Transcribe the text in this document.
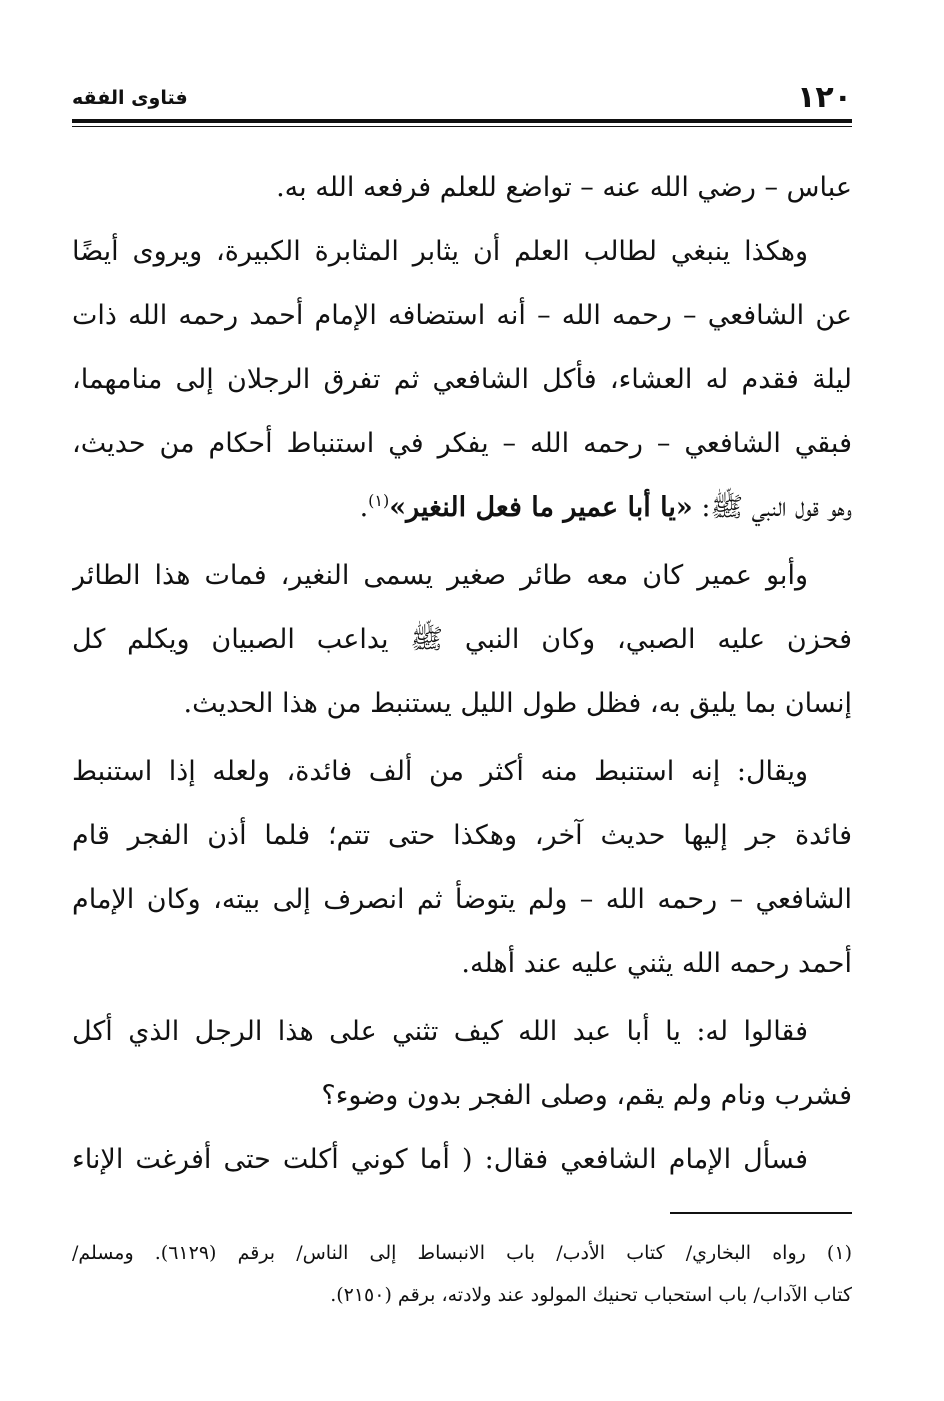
١٢٠
فتاوى الفقه
عباس – رضي الله عنه – تواضع للعلم فرفعه الله به.
وهكذا ينبغي لطالب العلم أن يثابر المثابرة الكبيرة، ويروى أيضًا
عن الشافعي – رحمه الله – أنه استضافه الإمام أحمد رحمه الله ذات
ليلة فقدم له العشاء، فأكل الشافعي ثم تفرق الرجلان إلى منامهما،
فبقي الشافعي – رحمه الله – يفكر في استنباط أحكام من حديث،
وهو قول النبي ﷺ: «يا أبا عمير ما فعل النغير»$^{(١)}$.
وأبو عمير كان معه طائر صغير يسمى النغير، فمات هذا الطائر
فحزن عليه الصبي، وكان النبي ﷺ يداعب الصبيان ويكلم كل
إنسان بما يليق به، فظل طول الليل يستنبط من هذا الحديث.
ويقال: إنه استنبط منه أكثر من ألف فائدة، ولعله إذا استنبط
فائدة جر إليها حديث آخر، وهكذا حتى تتم؛ فلما أذن الفجر قام
الشافعي – رحمه الله – ولم يتوضأ ثم انصرف إلى بيته، وكان الإمام
أحمد رحمه الله يثني عليه عند أهله.
فقالوا له: يا أبا عبد الله كيف تثني على هذا الرجل الذي أكل
فشرب ونام ولم يقم، وصلى الفجر بدون وضوء؟
فسأل الإمام الشافعي فقال: ( أما كوني أكلت حتى أفرغت الإناء
(١) رواه البخاري/ كتاب الأدب/ باب الانبساط إلى الناس/ برقم (٦١٢٩). ومسلم/
كتاب الآداب/ باب استحباب تحنيك المولود عند ولادته، برقم (٢١٥٠).
